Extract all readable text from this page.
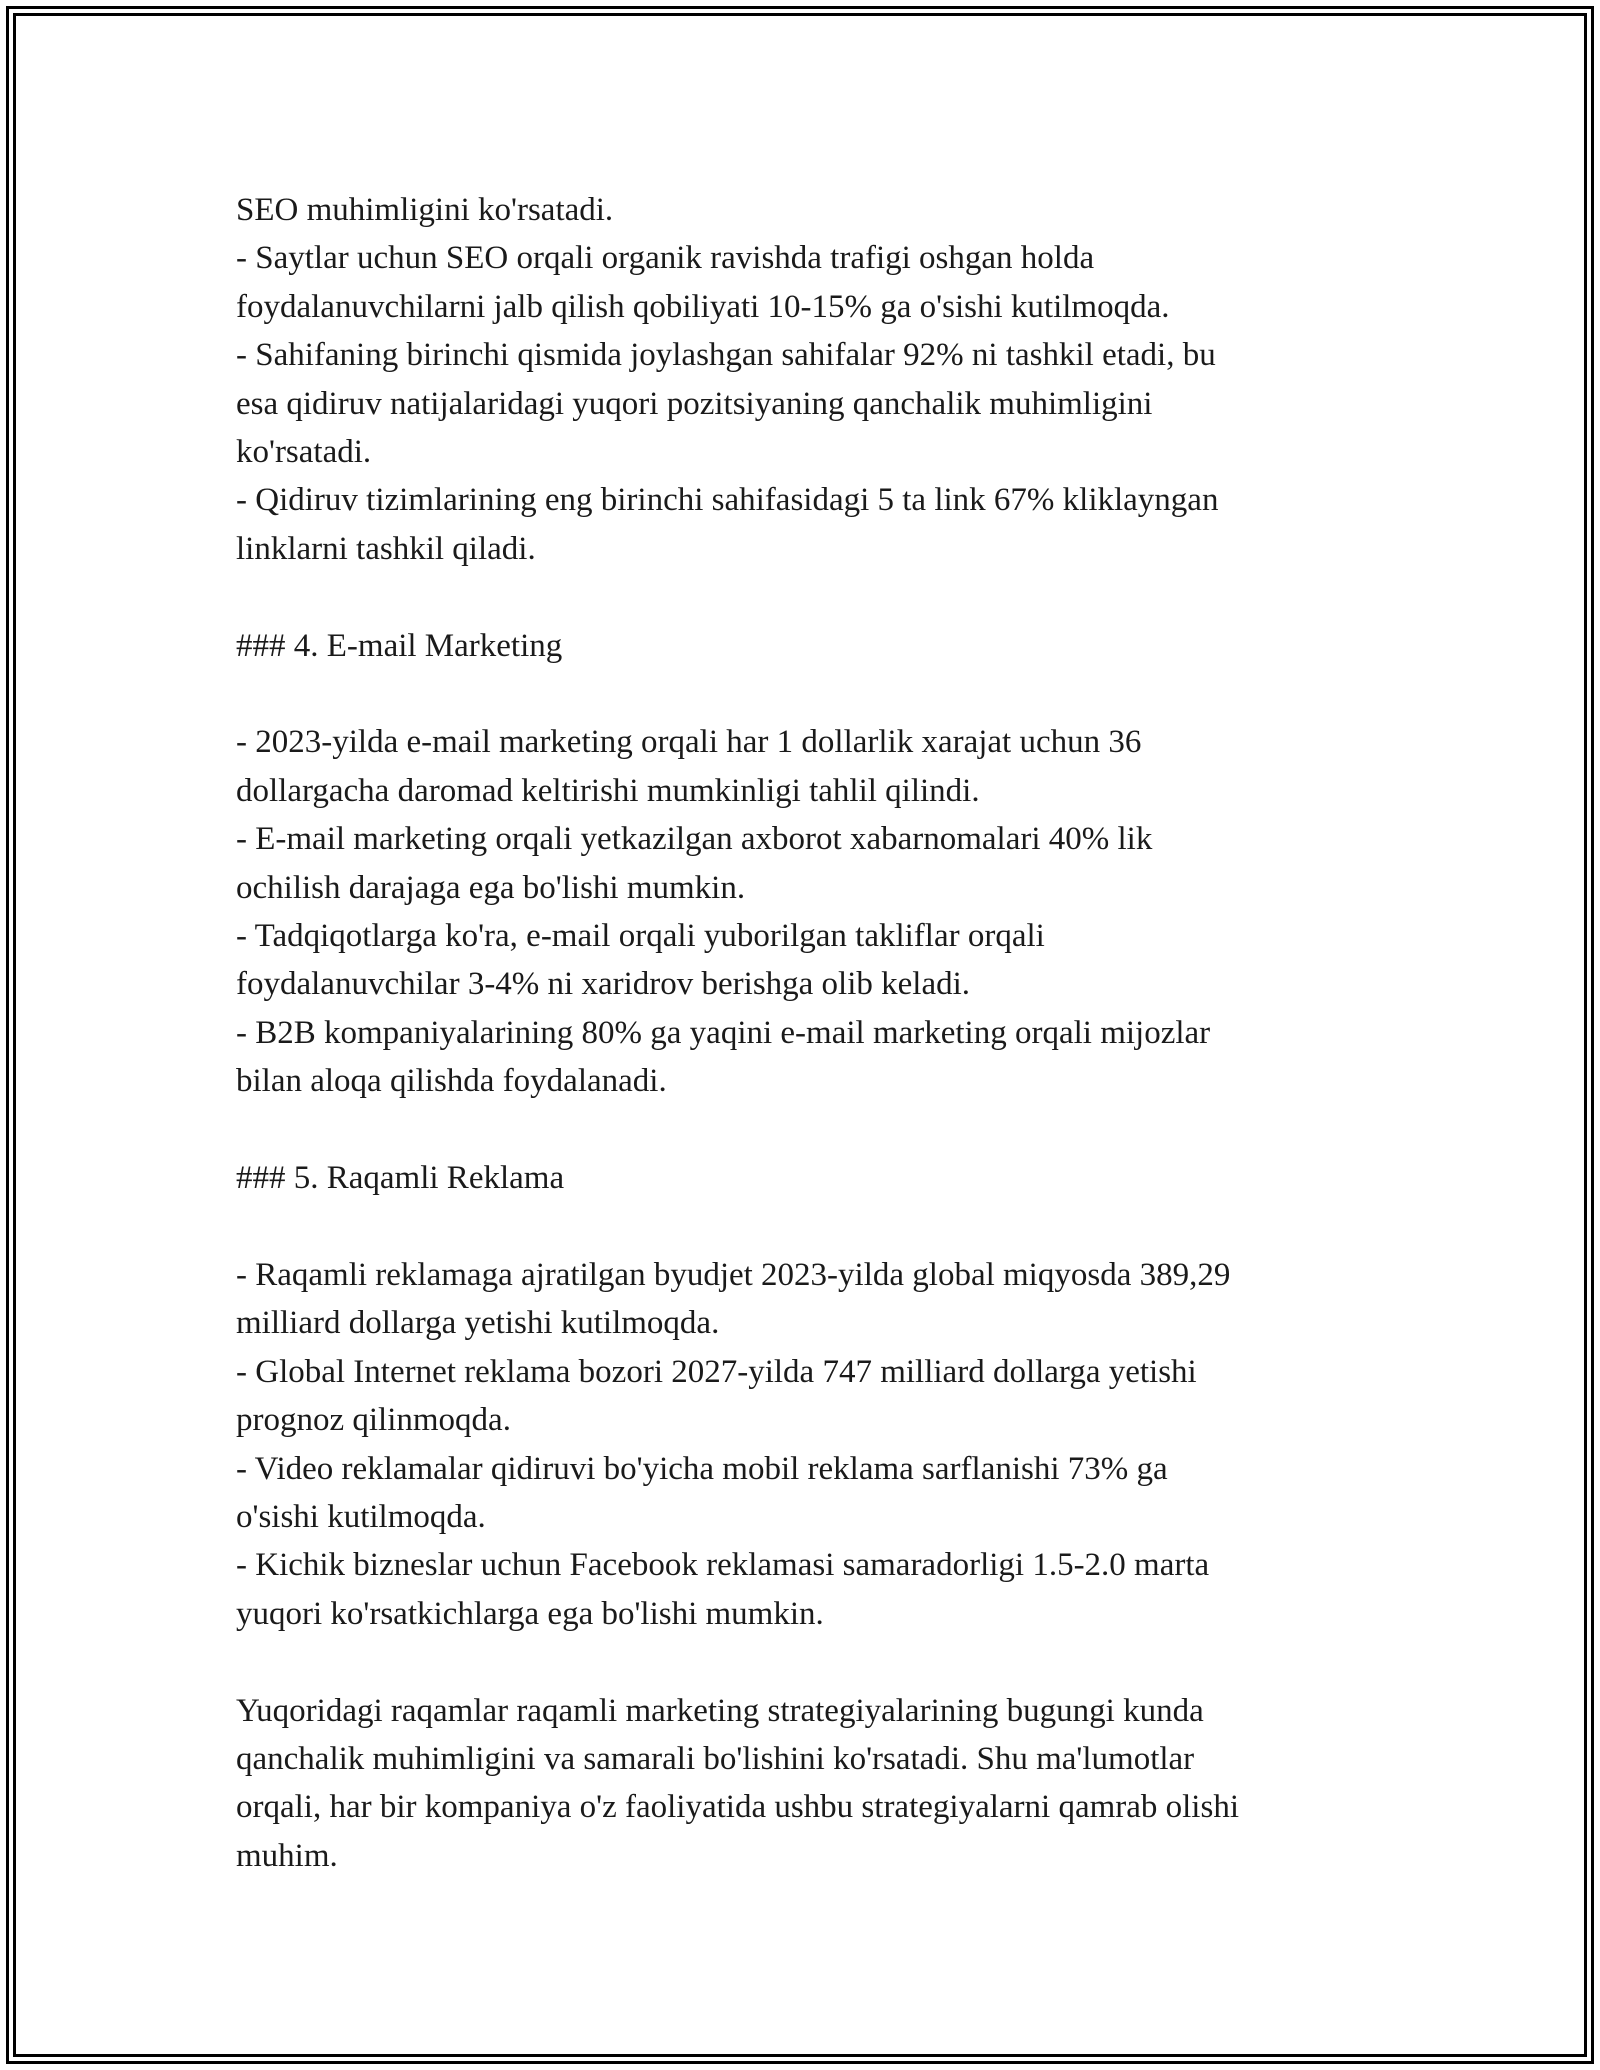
SEO muhimligini ko'rsatadi.
- Saytlar uchun SEO orqali organik ravishda trafigi oshgan holda
foydalanuvchilarni jalb qilish qobiliyati 10-15% ga o'sishi kutilmoqda.
- Sahifaning birinchi qismida joylashgan sahifalar 92% ni tashkil etadi, bu
esa qidiruv natijalaridagi yuqori pozitsiyaning qanchalik muhimligini
ko'rsatadi.
- Qidiruv tizimlarining eng birinchi sahifasidagi 5 ta link 67% kliklayngan
linklarni tashkil qiladi.
### 4. E-mail Marketing
- 2023-yilda e-mail marketing orqali har 1 dollarlik xarajat uchun 36
dollargacha daromad keltirishi mumkinligi tahlil qilindi.
- E-mail marketing orqali yetkazilgan axborot xabarnomalari 40% lik
ochilish darajaga ega bo'lishi mumkin.
- Tadqiqotlarga ko'ra, e-mail orqali yuborilgan takliflar orqali
foydalanuvchilar 3-4% ni xaridrov berishga olib keladi.
- B2B kompaniyalarining 80% ga yaqini e-mail marketing orqali mijozlar
bilan aloqa qilishda foydalanadi.
### 5. Raqamli Reklama
- Raqamli reklamaga ajratilgan byudjet 2023-yilda global miqyosda 389,29
milliard dollarga yetishi kutilmoqda.
- Global Internet reklama bozori 2027-yilda 747 milliard dollarga yetishi
prognoz qilinmoqda.
- Video reklamalar qidiruvi bo'yicha mobil reklama sarflanishi 73% ga
o'sishi kutilmoqda.
- Kichik bizneslar uchun Facebook reklamasi samaradorligi 1.5-2.0 marta
yuqori ko'rsatkichlarga ega bo'lishi mumkin.
Yuqoridagi raqamlar raqamli marketing strategiyalarining bugungi kunda
qanchalik muhimligini va samarali bo'lishini ko'rsatadi. Shu ma'lumotlar
orqali, har bir kompaniya o'z faoliyatida ushbu strategiyalarni qamrab olishi
muhim.
